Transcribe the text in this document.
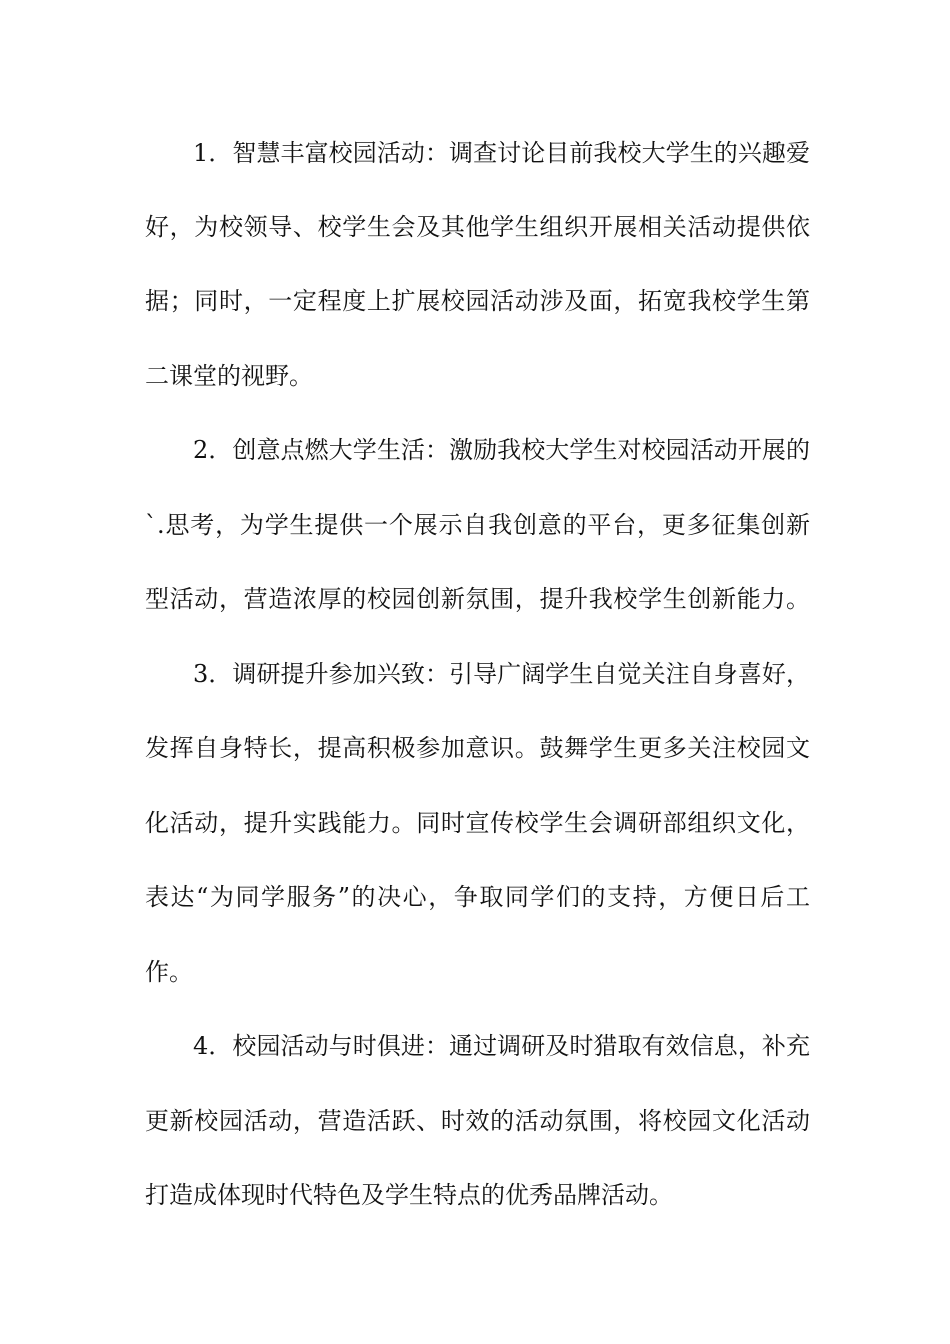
1．智慧丰富校园活动：调查讨论目前我校大学生的兴趣爱
好，为校领导、校学生会及其他学生组织开展相关活动提供依
据；同时，一定程度上扩展校园活动涉及面，拓宽我校学生第
二课堂的视野。
2．创意点燃大学生活：激励我校大学生对校园活动开展的
`.思考，为学生提供一个展示自我创意的平台，更多征集创新
型活动，营造浓厚的校园创新氛围，提升我校学生创新能力。
3．调研提升参加兴致：引导广阔学生自觉关注自身喜好，
发挥自身特长，提高积极参加意识。鼓舞学生更多关注校园文
化活动，提升实践能力。同时宣传校学生会调研部组织文化，
表达“为同学服务”的决心，争取同学们的支持，方便日后工
作。
4．校园活动与时俱进：通过调研及时猎取有效信息，补充
更新校园活动，营造活跃、时效的活动氛围，将校园文化活动
打造成体现时代特色及学生特点的优秀品牌活动。
